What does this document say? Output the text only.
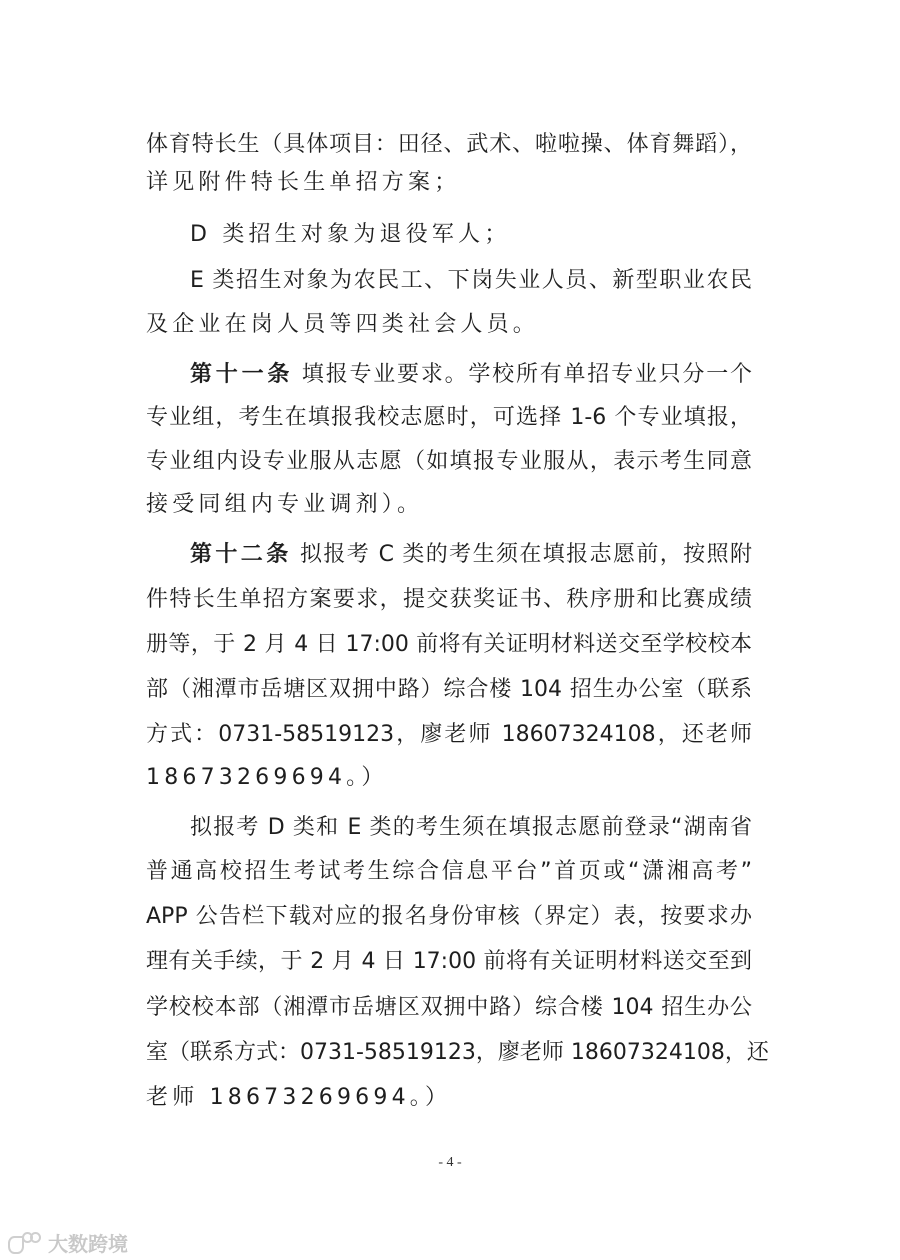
体育特长生（具体项目：田径、武术、啦啦操、体育舞蹈），
详见附件特长生单招方案；
D 类招生对象为退役军人；
E 类招生对象为农民工、下岗失业人员、新型职业农民
及企业在岗人员等四类社会人员。
第十一条 填报专业要求。学校所有单招专业只分一个
专业组，考生在填报我校志愿时，可选择 1-6 个专业填报，
专业组内设专业服从志愿（如填报专业服从，表示考生同意
接受同组内专业调剂）。
第十二条 拟报考 C 类的考生须在填报志愿前，按照附
件特长生单招方案要求，提交获奖证书、秩序册和比赛成绩
册等，于 2 月 4 日 17:00 前将有关证明材料送交至学校校本
部（湘潭市岳塘区双拥中路）综合楼 104 招生办公室（联系
方式：0731-58519123，廖老师 18607324108，还老师
18673269694。）
拟报考 D 类和 E 类的考生须在填报志愿前登录“湖南省
普通高校招生考试考生综合信息平台”首页或“潇湘高考”
APP 公告栏下载对应的报名身份审核（界定）表，按要求办
理有关手续，于 2 月 4 日 17:00 前将有关证明材料送交至到
学校校本部（湘潭市岳塘区双拥中路）综合楼 104 招生办公
室（联系方式：0731-58519123，廖老师 18607324108，还
老师 18673269694。）
- 4 -
大数跨境
